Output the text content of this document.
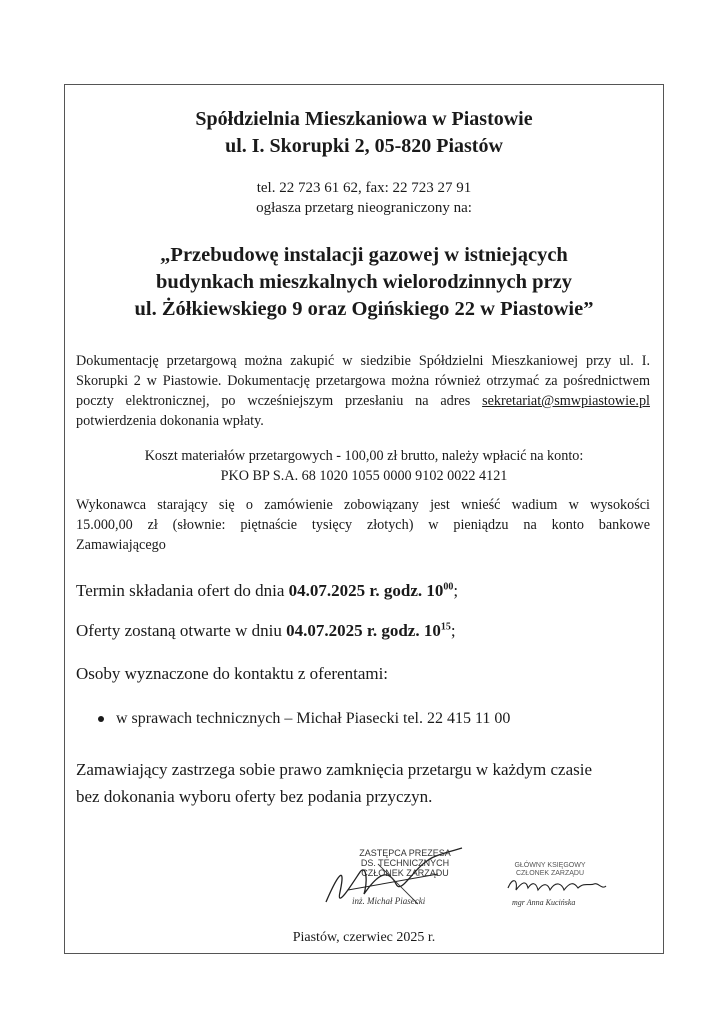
Spółdzielnia Mieszkaniowa w Piastowie
ul. I. Skorupki 2, 05-820 Piastów
tel. 22 723 61 62, fax: 22 723 27 91
ogłasza przetarg nieograniczony na:
„Przebudowę instalacji gazowej w istniejących
budynkach mieszkalnych wielorodzinnych przy
ul. Żółkiewskiego 9 oraz Ogińskiego 22 w Piastowie”
Dokumentację przetargową można zakupić w siedzibie Spółdzielni Mieszkaniowej przy ul. I. Skorupki 2 w Piastowie. Dokumentację przetargowa można również otrzymać za pośrednictwem poczty elektronicznej, po wcześniejszym przesłaniu na adres sekretariat@smwpiastowie.pl potwierdzenia dokonania wpłaty.
Koszt materiałów przetargowych - 100,00 zł brutto, należy wpłacić na konto:
PKO BP S.A. 68 1020 1055 0000 9102 0022 4121
Wykonawca starający się o zamówienie zobowiązany jest wnieść wadium w wysokości
15.000,00 zł (słownie: piętnaście tysięcy złotych) w pieniądzu na konto bankowe
Zamawiającego
Termin składania ofert do dnia 04.07.2025 r. godz. $10^{00}$;
Oferty zostaną otwarte w dniu 04.07.2025 r. godz. $10^{15}$;
Osoby wyznaczone do kontaktu z oferentami:
w sprawach technicznych – Michał Piasecki tel. 22 415 11 00
Zamawiający zastrzega sobie prawo zamknięcia przetargu w każdym czasie
bez dokonania wyboru oferty bez podania przyczyn.
ZASTĘPCA PREZESA
DS. TECHNICZNYCH
CZŁONEK ZARZĄDU
inż. Michał Piasecki
GŁÓWNY KSIĘGOWY
CZŁONEK ZARZĄDU
mgr Anna Kucińska
Piastów, czerwiec 2025 r.
